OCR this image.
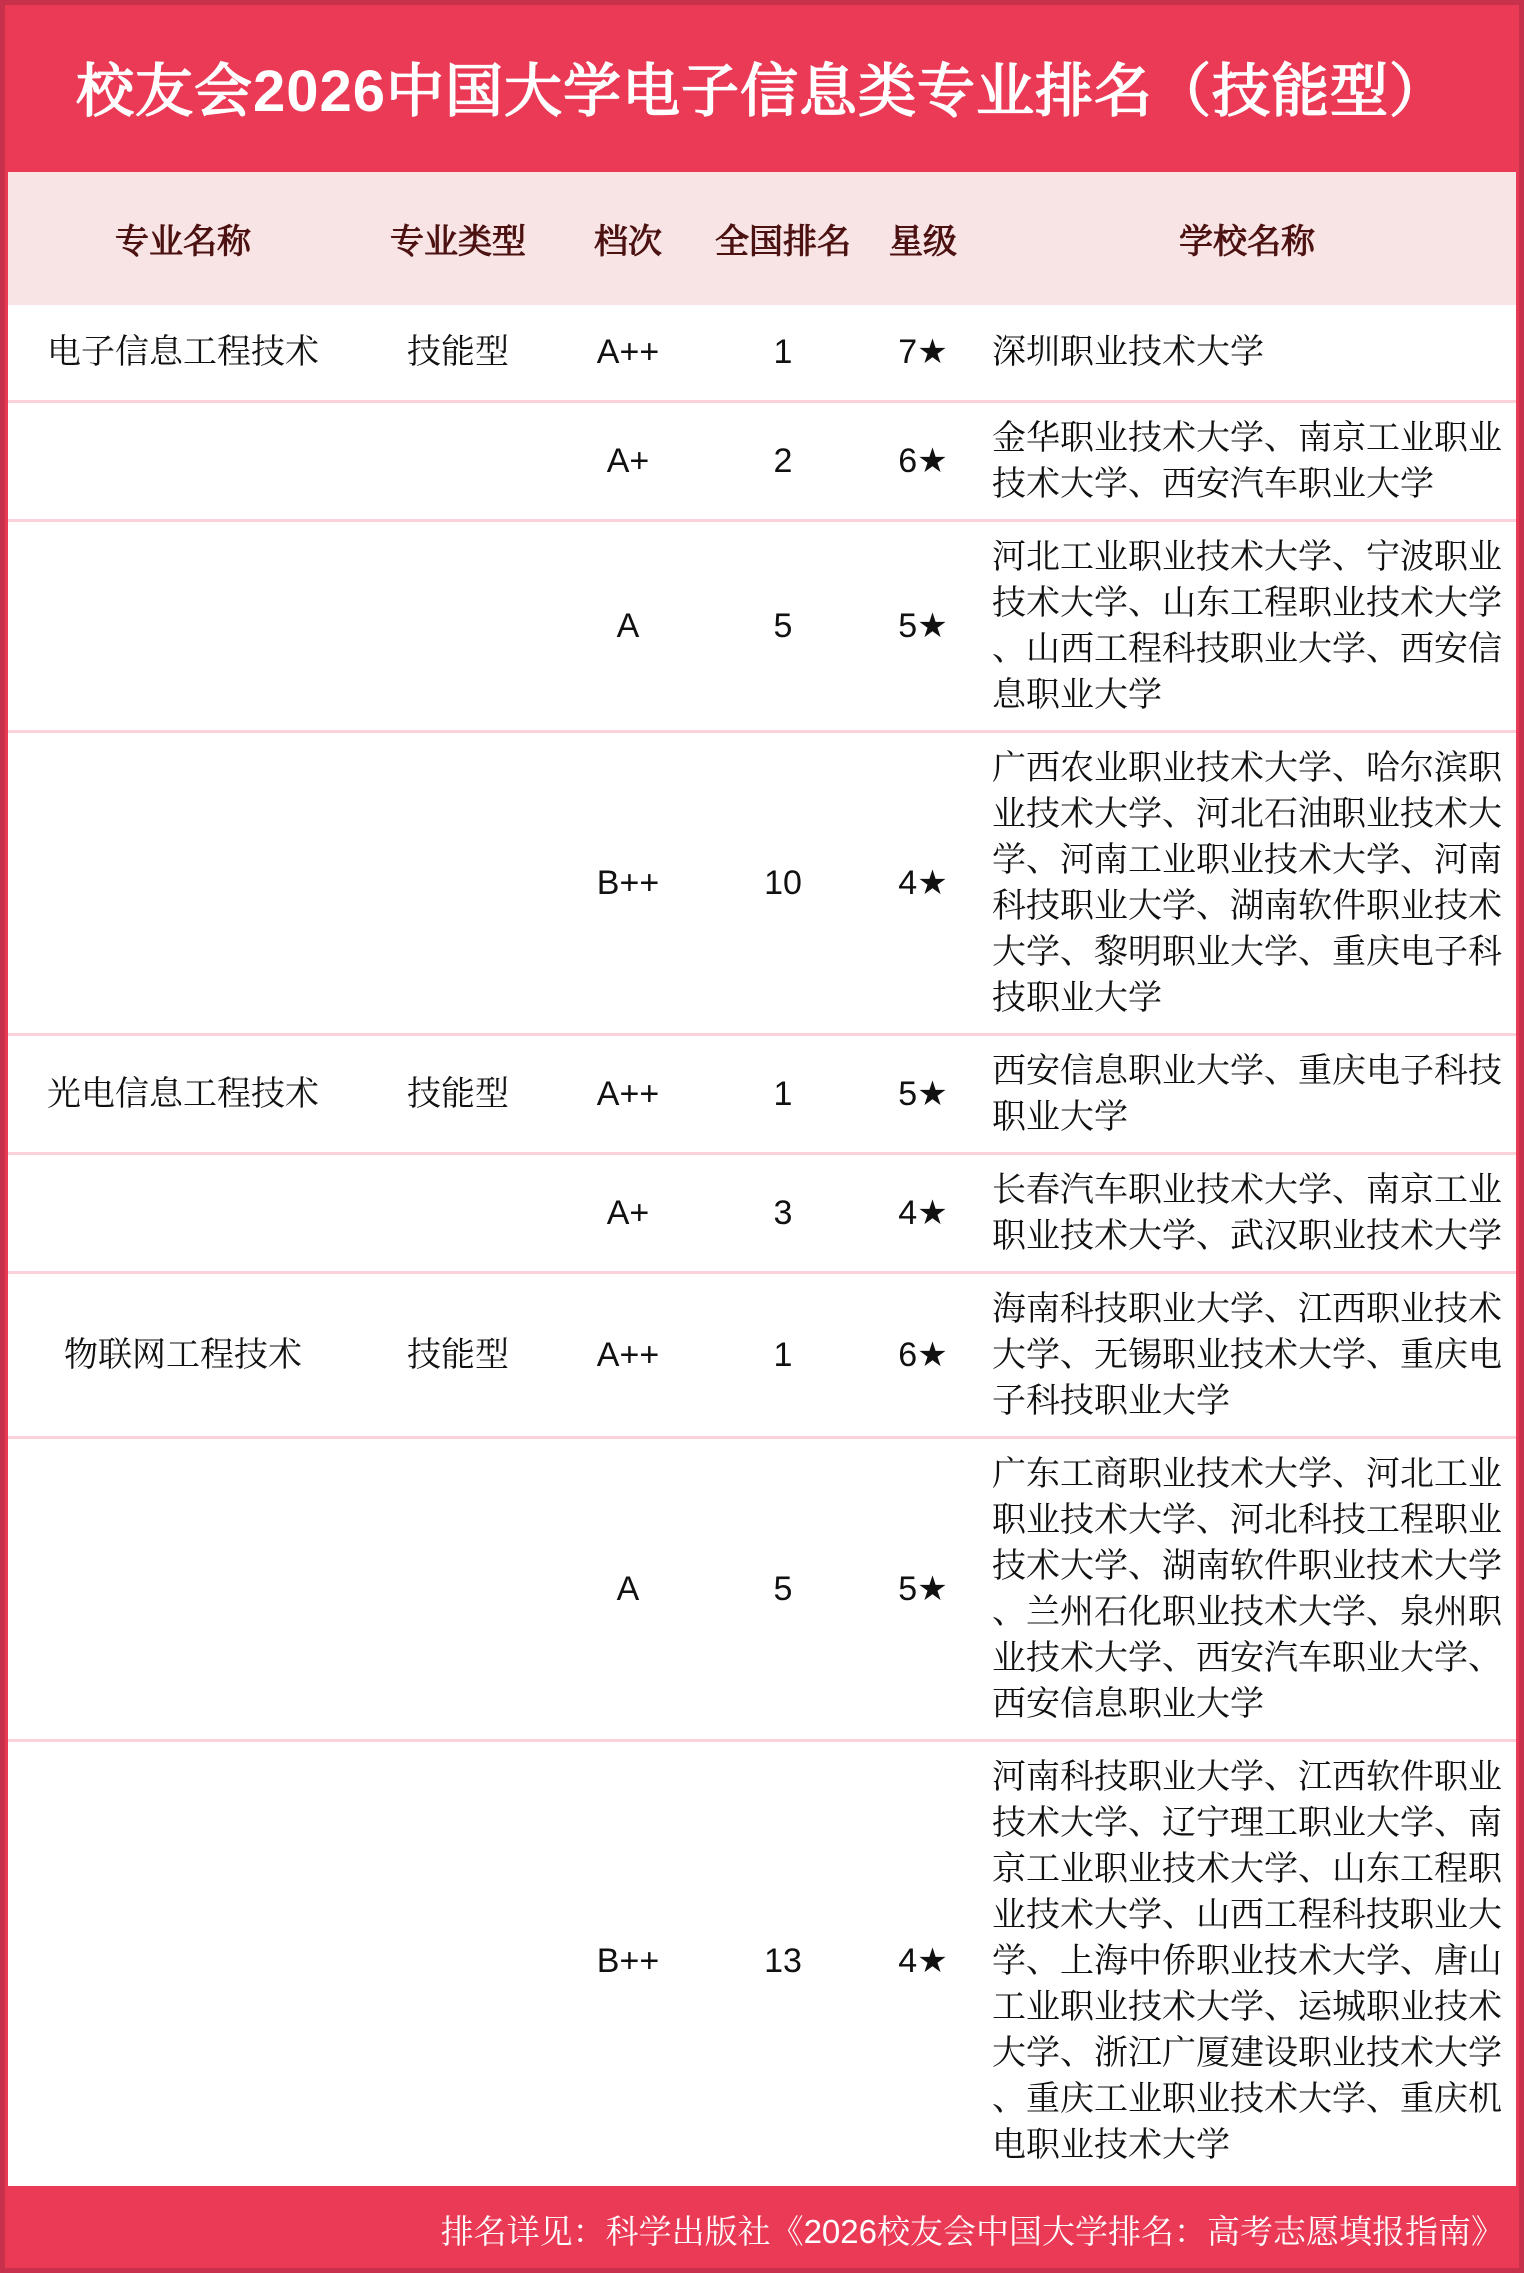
校友会2026中国大学电子信息类专业排名（技能型）
专业名称	专业类型	档次	全国排名	星级	学校名称
电子信息工程技术	技能型	A++	1	7★	深圳职业技术大学
		A+	2	6★	金华职业技术大学、南京工业职业技术大学、西安汽车职业大学
		A	5	5★	河北工业职业技术大学、宁波职业技术大学、山东工程职业技术大学、山西工程科技职业大学、西安信息职业大学
		B++	10	4★	广西农业职业技术大学、哈尔滨职业技术大学、河北石油职业技术大学、河南工业职业技术大学、河南科技职业大学、湖南软件职业技术大学、黎明职业大学、重庆电子科技职业大学
光电信息工程技术	技能型	A++	1	5★	西安信息职业大学、重庆电子科技职业大学
		A+	3	4★	长春汽车职业技术大学、南京工业职业技术大学、武汉职业技术大学
物联网工程技术	技能型	A++	1	6★	海南科技职业大学、江西职业技术大学、无锡职业技术大学、重庆电子科技职业大学
		A	5	5★	广东工商职业技术大学、河北工业职业技术大学、河北科技工程职业技术大学、湖南软件职业技术大学、兰州石化职业技术大学、泉州职业技术大学、西安汽车职业大学、西安信息职业大学
		B++	13	4★	河南科技职业大学、江西软件职业技术大学、辽宁理工职业大学、南京工业职业技术大学、山东工程职业技术大学、山西工程科技职业大学、上海中侨职业技术大学、唐山工业职业技术大学、运城职业技术大学、浙江广厦建设职业技术大学、重庆工业职业技术大学、重庆机电职业技术大学
排名详见：科学出版社《2026校友会中国大学排名：高考志愿填报指南》
